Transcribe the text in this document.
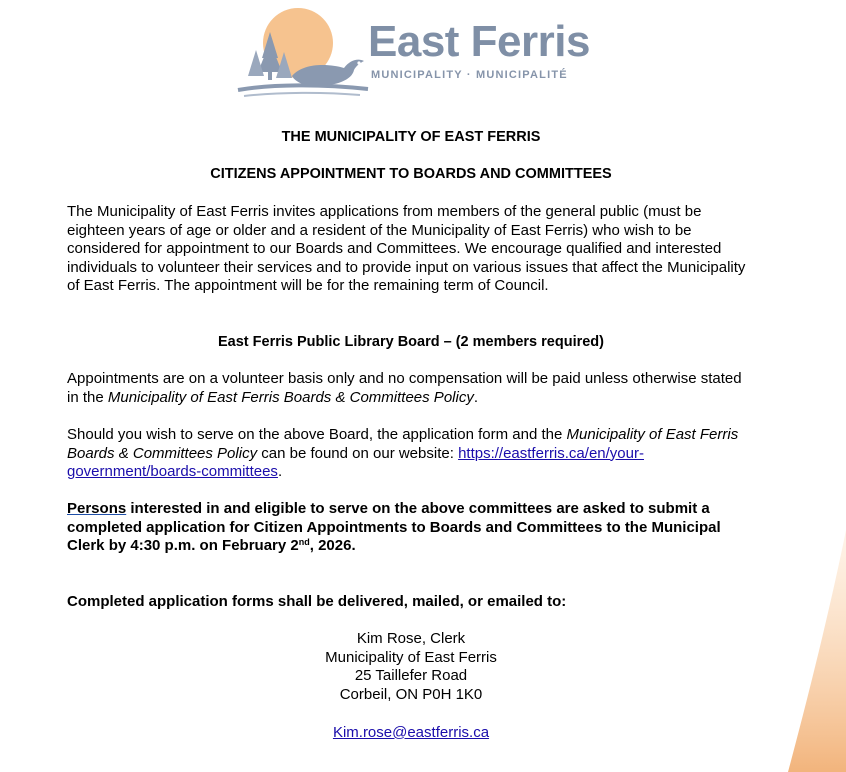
East Ferris
MUNICIPALITY · MUNICIPALITÉ
THE MUNICIPALITY OF EAST FERRIS
CITIZENS APPOINTMENT TO BOARDS AND COMMITTEES
The Municipality of East Ferris invites applications from members of the general public (must be eighteen years of age or older and a resident of the Municipality of East Ferris) who wish to be considered for appointment to our Boards and Committees. We encourage qualified and interested individuals to volunteer their services and to provide input on various issues that affect the Municipality of East Ferris. The appointment will be for the remaining term of Council.
East Ferris Public Library Board – (2 members required)
Appointments are on a volunteer basis only and no compensation will be paid unless otherwise stated in the Municipality of East Ferris Boards & Committees Policy.
Should you wish to serve on the above Board, the application form and the Municipality of East Ferris Boards & Committees Policy can be found on our website: https://eastferris.ca/en/your-government/boards-committees.
Persons interested in and eligible to serve on the above committees are asked to submit a completed application for Citizen Appointments to Boards and Committees to the Municipal Clerk by 4:30 p.m. on February 2nd, 2026.
Completed application forms shall be delivered, mailed, or emailed to:
Kim Rose, Clerk
Municipality of East Ferris
25 Taillefer Road
Corbeil, ON P0H 1K0
Kim.rose@eastferris.ca
